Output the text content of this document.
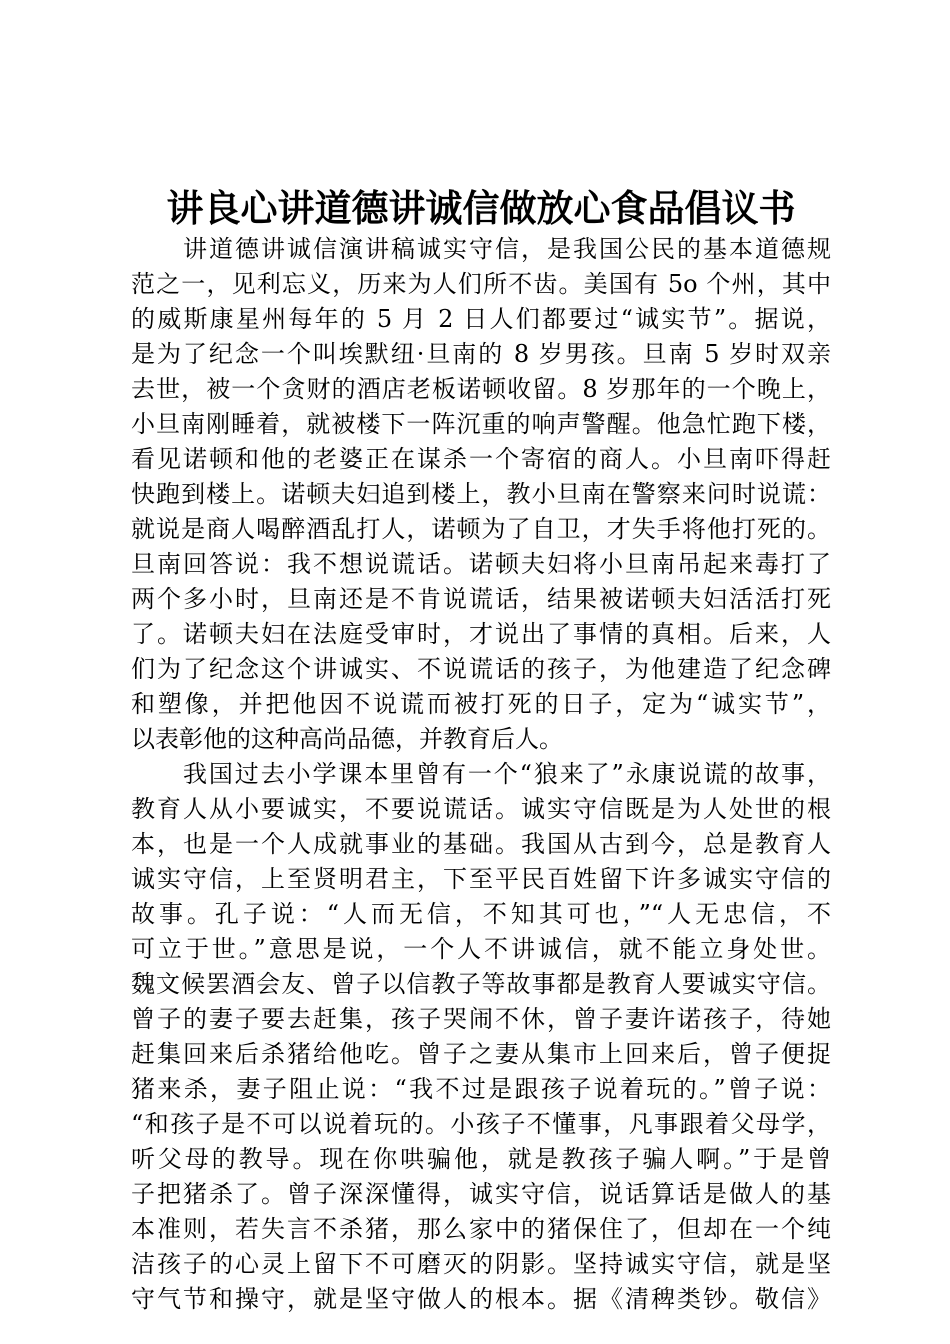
讲良心讲道德讲诚信做放心食品倡议书
讲道德讲诚信演讲稿诚实守信，是我国公民的基本道德规
范之一，见利忘义，历来为人们所不齿。美国有 5o 个州，其中
的威斯康星州每年的 5 月 2 日人们都要过“诚实节”。据说，
是为了纪念一个叫埃默纽·旦南的 8 岁男孩。旦南 5 岁时双亲
去世，被一个贪财的酒店老板诺顿收留。8 岁那年的一个晚上，
小旦南刚睡着，就被楼下一阵沉重的响声警醒。他急忙跑下楼，
看见诺顿和他的老婆正在谋杀一个寄宿的商人。小旦南吓得赶
快跑到楼上。诺顿夫妇追到楼上，教小旦南在警察来问时说谎：
就说是商人喝醉酒乱打人，诺顿为了自卫，才失手将他打死的。
旦南回答说：我不想说谎话。诺顿夫妇将小旦南吊起来毒打了
两个多小时，旦南还是不肯说谎话，结果被诺顿夫妇活活打死
了。诺顿夫妇在法庭受审时，才说出了事情的真相。后来，人
们为了纪念这个讲诚实、不说谎话的孩子，为他建造了纪念碑
和塑像，并把他因不说谎而被打死的日子，定为“诚实节”，
以表彰他的这种高尚品德，并教育后人。
我国过去小学课本里曾有一个“狼来了”永康说谎的故事，
教育人从小要诚实，不要说谎话。诚实守信既是为人处世的根
本，也是一个人成就事业的基础。我国从古到今，总是教育人
诚实守信，上至贤明君主，下至平民百姓留下许多诚实守信的
故事。孔子说：“人而无信，不知其可也，”“人无忠信，不
可立于世。”意思是说，一个人不讲诚信，就不能立身处世。
魏文候罢酒会友、曾子以信教子等故事都是教育人要诚实守信。
曾子的妻子要去赶集，孩子哭闹不休，曾子妻许诺孩子，待她
赶集回来后杀猪给他吃。曾子之妻从集市上回来后，曾子便捉
猪来杀，妻子阻止说：“我不过是跟孩子说着玩的。”曾子说：
“和孩子是不可以说着玩的。小孩子不懂事，凡事跟着父母学，
听父母的教导。现在你哄骗他，就是教孩子骗人啊。”于是曾
子把猪杀了。曾子深深懂得，诚实守信，说话算话是做人的基
本准则，若失言不杀猪，那么家中的猪保住了，但却在一个纯
洁孩子的心灵上留下不可磨灭的阴影。坚持诚实守信，就是坚
守气节和操守，就是坚守做人的根本。据《清稗类钞。敬信》
